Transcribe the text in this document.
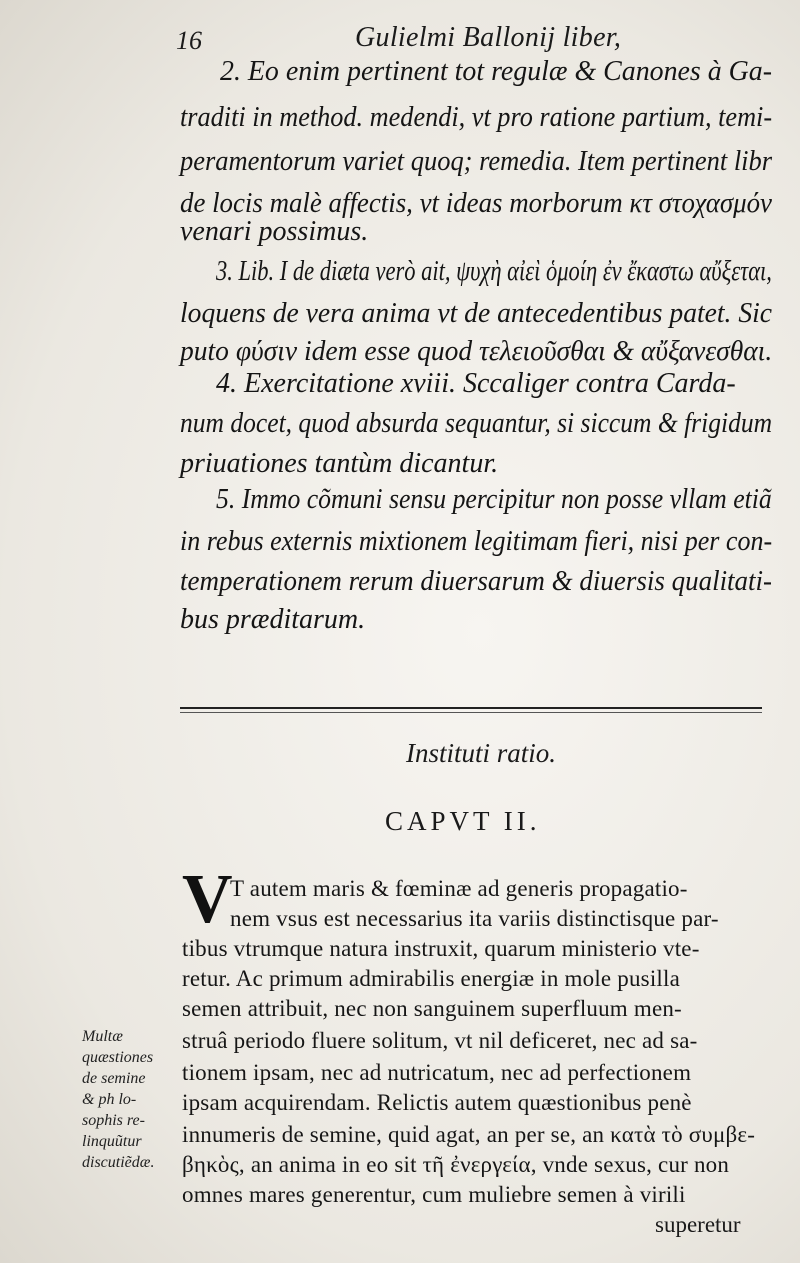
16	Gulielmi Ballonij liber,
2. Eo enim pertinent tot regulæ & Canones à Ga-
traditi in method. medendi, vt pro ratione partium, temi-
peramentorum variet quoq; remedia. Item pertinent libr
de locis malè affectis, vt ideas morborum κτ στοχασμόν
venari possimus.
3. Lib. I de diæta verò ait, ψυχὴ αἰεὶ ὁμοίη ἐν ἔκαστω αὔξεται,
loquens de vera anima vt de antecedentibus patet. Sic
puto φύσιν idem esse quod τελειοῦσθαι & αὔξανεσθαι.
4. Exercitatione xviii. Sccaliger contra Carda-
num docet, quod absurda sequantur, si siccum & frigidum
priuationes tantùm dicantur.
5. Immo cõmuni sensu percipitur non posse vllam etiã
in rebus externis mixtionem legitimam fieri, nisi per con-
temperationem rerum diuersarum & diuersis qualitati-
bus præditarum.
Instituti ratio.
CAPVT II.
V
T autem maris & fœminæ ad generis propagatio-
nem vsus est necessarius ita variis distinctisque par-
tibus vtrumque natura instruxit, quarum ministerio vte-
retur. Ac primum admirabilis energiæ in mole pusilla
semen attribuit, nec non sanguinem superfluum men-
struâ periodo fluere solitum, vt nil deficeret, nec ad sa-
tionem ipsam, nec ad nutricatum, nec ad perfectionem
ipsam acquirendam. Relictis autem quæstionibus penè
innumeris de semine, quid agat, an per se, an κατὰ τὸ συμβε-
βηκὸς, an anima in eo sit τῆ ἐνεργεία, vnde sexus, cur non
omnes mares generentur, cum muliebre semen à virili
superetur
Multæ
quæstiones
de semine
& ph lo-
sophis re-
linquũtur
discutiẽdæ.
